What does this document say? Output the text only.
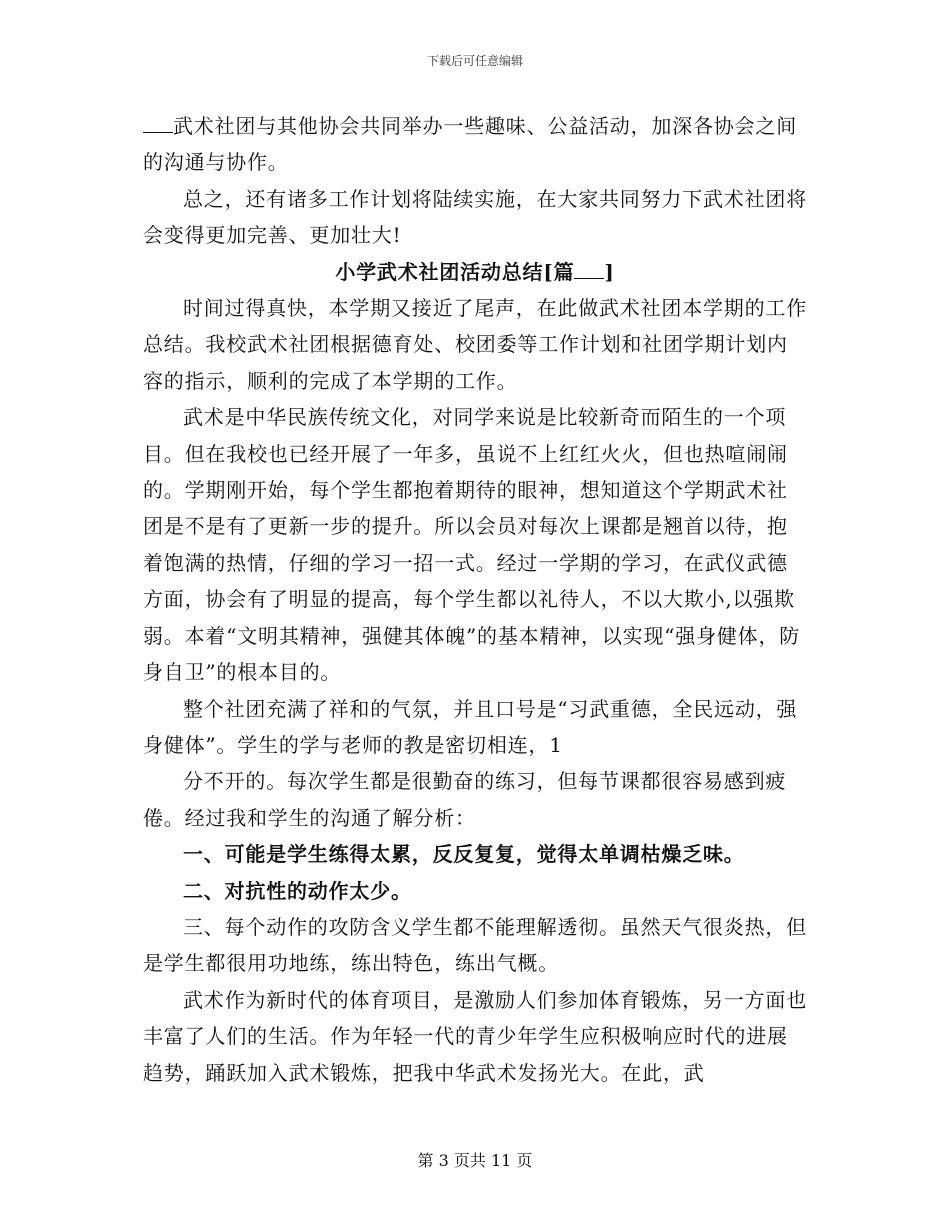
下载后可任意编辑

武术社团与其他协会共同举办一些趣味、公益活动，加深各协会之间的沟通与协作。

总之，还有诸多工作计划将陆续实施，在大家共同努力下武术社团将会变得更加完善、更加壮大!

小学武术社团活动总结[篇 ]

时间过得真快，本学期又接近了尾声，在此做武术社团本学期的工作总结。我校武术社团根据德育处、校团委等工作计划和社团学期计划内容的指示，顺利的完成了本学期的工作。

武术是中华民族传统文化，对同学来说是比较新奇而陌生的一个项目。但在我校也已经开展了一年多，虽说不上红红火火，但也热喧闹闹的。学期刚开始，每个学生都抱着期待的眼神，想知道这个学期武术社团是不是有了更新一步的提升。所以会员对每次上课都是翘首以待，抱着饱满的热情，仔细的学习一招一式。经过一学期的学习，在武仪武德方面，协会有了明显的提高，每个学生都以礼待人，不以大欺小,以强欺弱。本着“文明其精神，强健其体魄”的基本精神，以实现“强身健体，防身自卫”的根本目的。

整个社团充满了祥和的气氛，并且口号是“习武重德，全民远动，强身健体”。学生的学与老师的教是密切相连，1

分不开的。每次学生都是很勤奋的练习，但每节课都很容易感到疲倦。经过我和学生的沟通了解分析：

一、可能是学生练得太累，反反复复，觉得太单调枯燥乏味。

二、对抗性的动作太少。

三、每个动作的攻防含义学生都不能理解透彻。虽然天气很炎热，但是学生都很用功地练，练出特色，练出气概。

武术作为新时代的体育项目，是激励人们参加体育锻炼，另一方面也丰富了人们的生活。作为年轻一代的青少年学生应积极响应时代的进展趋势，踊跃加入武术锻炼，把我中华武术发扬光大。在此，武

第 3 页共 11 页
